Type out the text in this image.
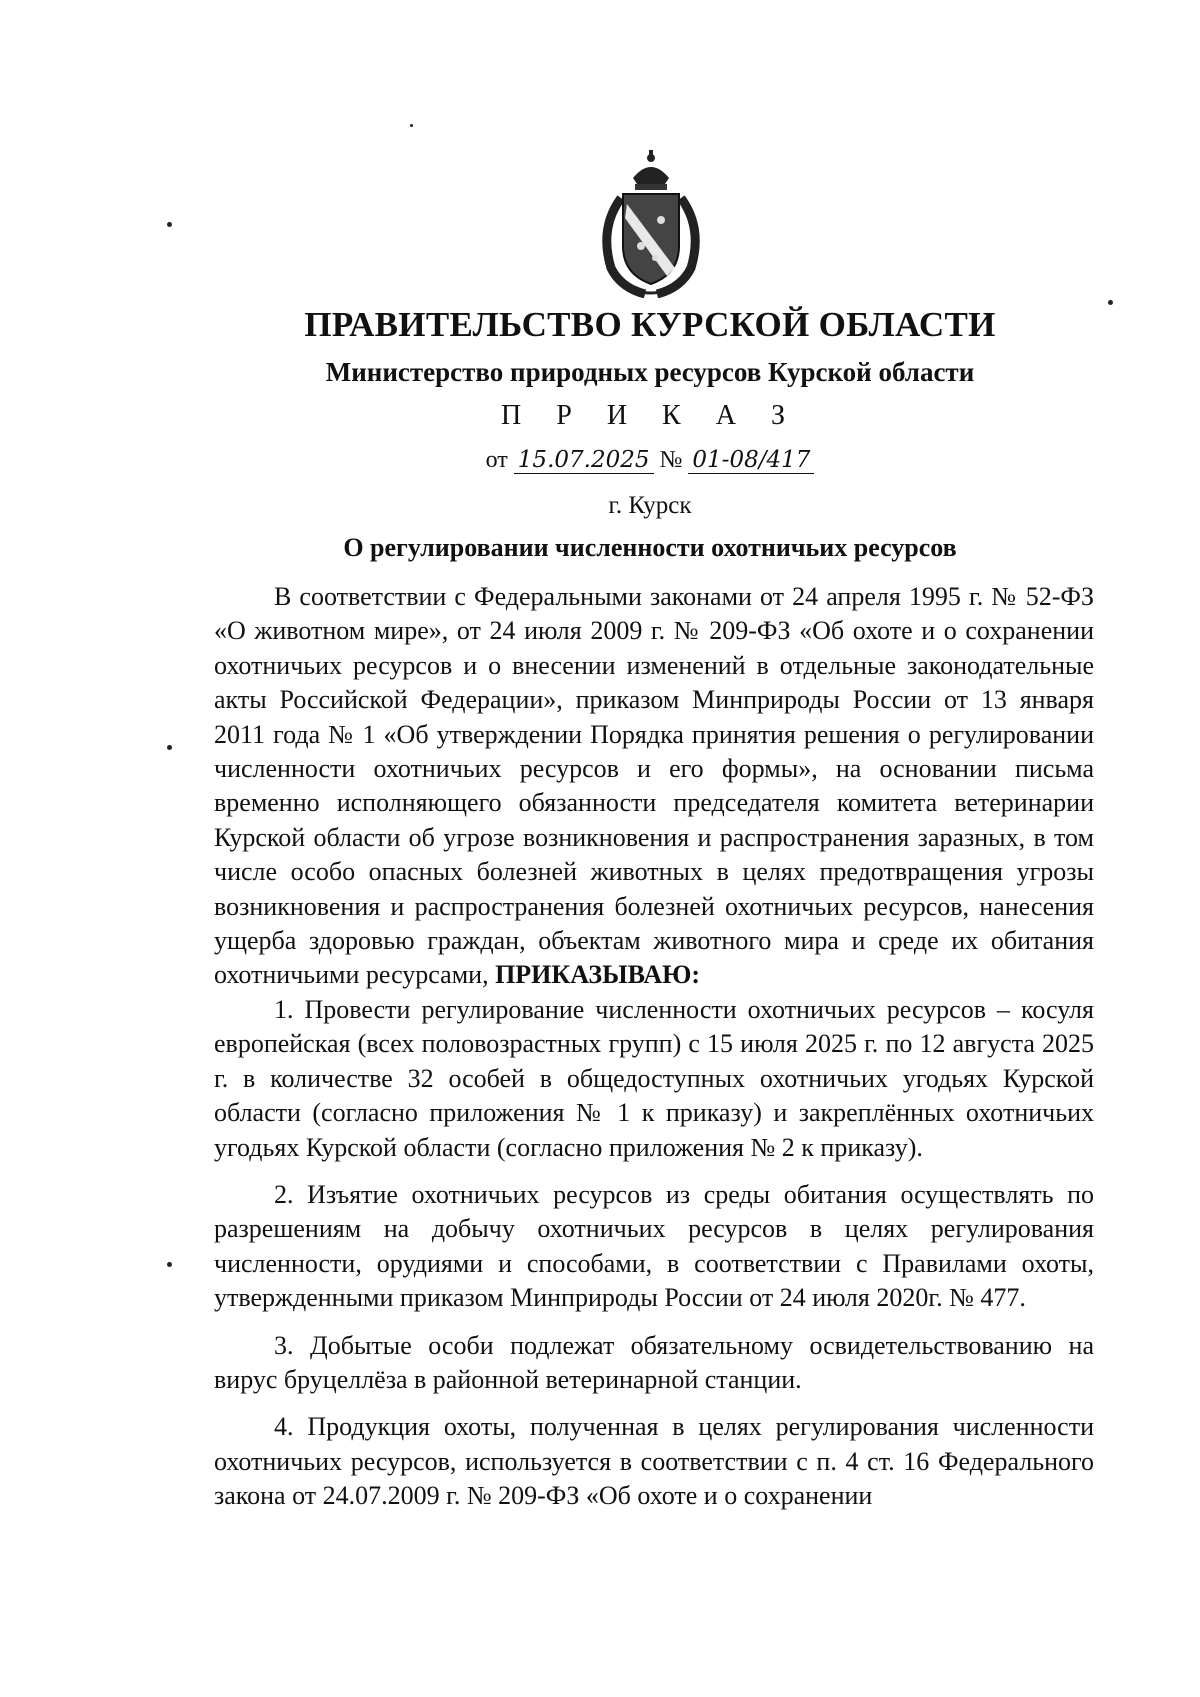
ПРАВИТЕЛЬСТВО КУРСКОЙ ОБЛАСТИ
Министерство природных ресурсов Курской области
П Р И К А З
от 15.07.2025 № 01-08/417
г. Курск
О регулировании численности охотничьих ресурсов

В соответствии с Федеральными законами от 24 апреля 1995 г. № 52-ФЗ «О животном мире», от 24 июля 2009 г. № 209-ФЗ «Об охоте и о сохранении охотничьих ресурсов и о внесении изменений в отдельные законодательные акты Российской Федерации», приказом Минприроды России от 13 января 2011 года № 1 «Об утверждении Порядка принятия решения о регулировании численности охотничьих ресурсов и его формы», на основании письма временно исполняющего обязанности председателя комитета ветеринарии Курской области об угрозе возникновения и распространения заразных, в том числе особо опасных болезней животных в целях предотвращения угрозы возникновения и распространения болезней охотничьих ресурсов, нанесения ущерба здоровью граждан, объектам животного мира и среде их обитания охотничьими ресурсами, ПРИКАЗЫВАЮ:

1. Провести регулирование численности охотничьих ресурсов – косуля европейская (всех половозрастных групп) с 15 июля 2025 г. по 12 августа 2025 г. в количестве 32 особей в общедоступных охотничьих угодьях Курской области (согласно приложения № 1 к приказу) и закреплённых охотничьих угодьях Курской области (согласно приложения № 2 к приказу).

2. Изъятие охотничьих ресурсов из среды обитания осуществлять по разрешениям на добычу охотничьих ресурсов в целях регулирования численности, орудиями и способами, в соответствии с Правилами охоты, утвержденными приказом Минприроды России от 24 июля 2020г. № 477.

3. Добытые особи подлежат обязательному освидетельствованию на вирус бруцеллёза в районной ветеринарной станции.

4. Продукция охоты, полученная в целях регулирования численности охотничьих ресурсов, используется в соответствии с п. 4 ст. 16 Федерального закона от 24.07.2009 г. № 209-ФЗ «Об охоте и о сохранении
